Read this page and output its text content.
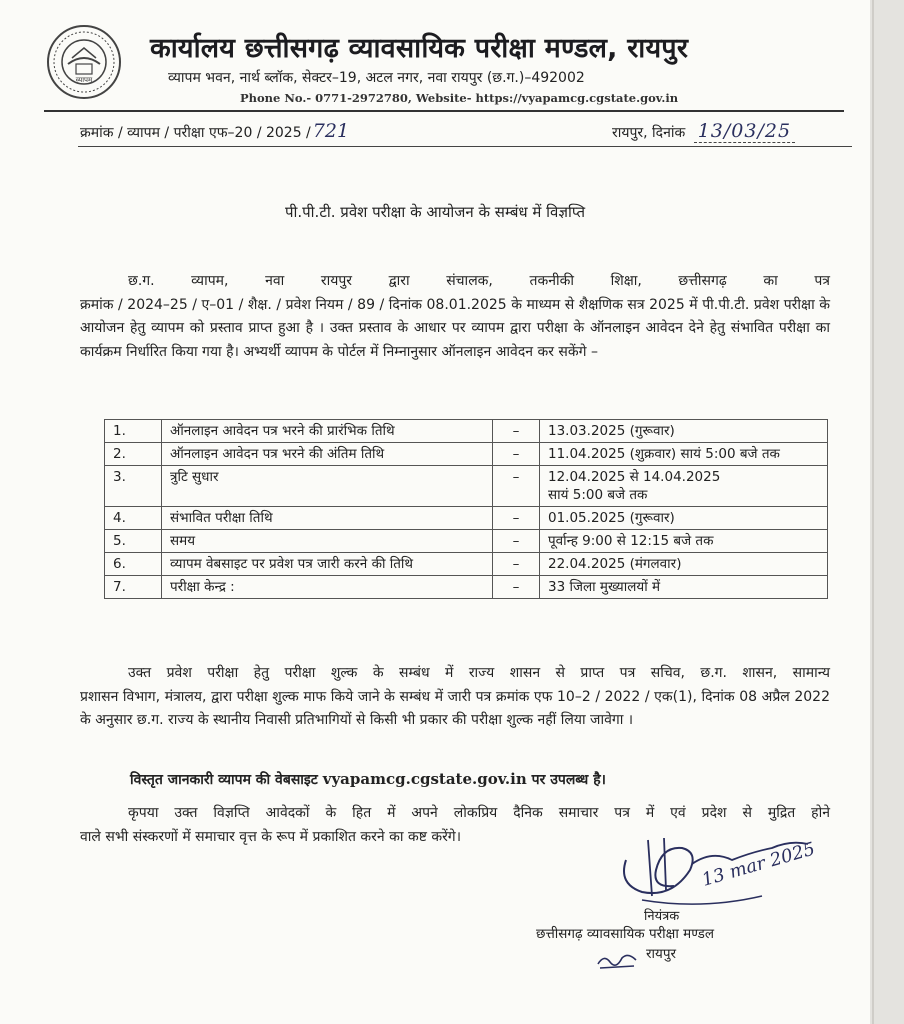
व्यापम
कार्यालय छत्तीसगढ़ व्यावसायिक परीक्षा मण्डल, रायपुर
व्यापम भवन, नार्थ ब्लॉक, सेक्टर–19, अटल नगर, नवा रायपुर (छ.ग.)–492002
Phone No.- 0771-2972780, Website- https://vyapamcg.cgstate.gov.in
क्रमांक / व्यापम / परीक्षा एफ–20 / 2025 / 721	रायपुर, दिनांक 13/03/25
पी.पी.टी. प्रवेश परीक्षा के आयोजन के सम्बंध में विज्ञप्ति
छ.ग. व्यापम, नवा रायपुर द्वारा संचालक, तकनीकी शिक्षा, छत्तीसगढ़ का पत्र
क्रमांक / 2024–25 / ए–01 / शैक्ष. / प्रवेश नियम / 89 / दिनांक 08.01.2025 के माध्यम से शैक्षणिक सत्र 2025 में पी.पी.टी. प्रवेश परीक्षा के आयोजन हेतु व्यापम को प्रस्ताव प्राप्त हुआ है । उक्त प्रस्ताव के आधार पर व्यापम द्वारा परीक्षा के ऑनलाइन आवेदन देने हेतु संभावित परीक्षा का कार्यक्रम निर्धारित किया गया है। अभ्यर्थी व्यापम के पोर्टल में निम्नानुसार ऑनलाइन आवेदन कर सकेंगे –
1.	ऑनलाइन आवेदन पत्र भरने की प्रारंभिक तिथि	–	13.03.2025 (गुरूवार)
2.	ऑनलाइन आवेदन पत्र भरने की अंतिम तिथि	–	11.04.2025 (शुक्रवार) सायं 5:00 बजे तक
3.	त्रुटि सुधार	–	12.04.2025 से 14.04.2025
सायं 5:00 बजे तक

4.	संभावित परीक्षा तिथि	–	01.05.2025 (गुरूवार)
5.	समय	–	पूर्वान्ह 9:00 से 12:15 बजे तक
6.	व्यापम वेबसाइट पर प्रवेश पत्र जारी करने की तिथि	–	22.04.2025 (मंगलवार)
7.	परीक्षा केन्द्र :	–	33 जिला मुख्यालयों में
उक्त प्रवेश परीक्षा हेतु परीक्षा शुल्क के सम्बंध में राज्य शासन से प्राप्त पत्र सचिव, छ.ग. शासन, सामान्य
प्रशासन विभाग, मंत्रालय, द्वारा परीक्षा शुल्क माफ किये जाने के सम्बंध में जारी पत्र क्रमांक एफ 10–2 / 2022 / एक(1), दिनांक 08 अप्रैल 2022 के अनुसार छ.ग. राज्य के स्थानीय निवासी प्रतिभागियों से किसी भी प्रकार की परीक्षा शुल्क नहीं लिया जावेगा ।
विस्तृत जानकारी व्यापम की वेबसाइट vyapamcg.cgstate.gov.in पर उपलब्ध है।
कृपया उक्त विज्ञप्ति आवेदकों के हित में अपने लोकप्रिय दैनिक समाचार पत्र में एवं प्रदेश से मुद्रित होने
वाले सभी संस्करणों में समाचार वृत्त के रूप में प्रकाशित करने का कष्ट करेंगे।
13 mar 2025
नियंत्रक
छत्तीसगढ़ व्यावसायिक परीक्षा मण्डल
रायपुर
